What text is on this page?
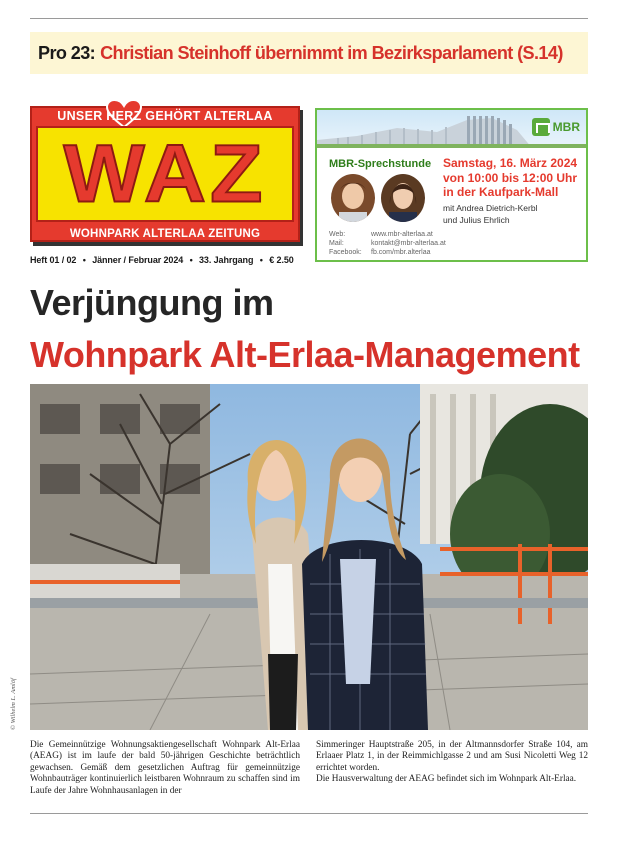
Pro 23: Christian Steinhoff übernimmt im Bezirksparlament (S.14)
UNSER HERZ GEHÖRT ALTERLAA
WAZ
WOHNPARK ALTERLAA ZEITUNG
Heft 01 / 02 • Jänner / Februar 2024 • 33. Jahrgang • € 2.50
MBR
MBR-Sprechstunde Samstag, 16. März 2024
von 10:00 bis 12:00 Uhr
in der Kaufpark-Mall
mit Andrea Dietrich-Kerbl
und Julius Ehrlich
Web:	www.mbr-alterlaa.at
Mail:	kontakt@mbr-alterlaa.at
Facebook: fb.com/mbr.alterlaa
Verjüngung im
Wohnpark Alt-Erlaa-Management
© Wilhelm L. Amlöf
Die Gemeinnützige Wohnungsaktiengesellschaft Wohnpark Alt-Erlaa (AEAG) ist im laufe der bald 50-jährigen Geschichte beträchtlich gewachsen. Gemäß dem gesetzlichen Auftrag für gemeinnützige Wohnbauträger kontinuierlich leistbaren Wohnraum zu schaffen sind im Laufe der Jahre Wohnhausanlagen in der
Simmeringer Hauptstraße 205, in der Altmannsdorfer Straße 104, am Erlaaer Platz 1, in der Reimmichlgasse 2 und am Susi Nicoletti Weg 12 errichtet worden.
Die Hausverwaltung der AEAG befindet sich im Wohnpark Alt-Erlaa.
